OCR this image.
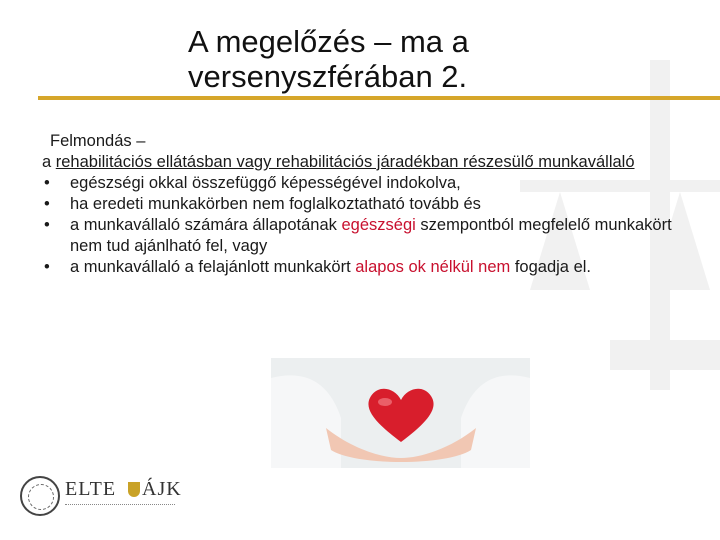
A megelőzés – ma a
versenyszférában 2.

Felmondás –

a rehabilitációs ellátásban vagy rehabilitációs járadékban részesülő munkavállaló

• egészségi okkal összefüggő képességével indokolva,
• ha eredeti munkakörben nem foglalkoztatható tovább és
• a munkavállaló számára állapotának egészségi szempontból megfelelő munkakört nem tud ajánlható fel, vagy
• a munkavállaló a felajánlott munkakört alapos ok nélkül nem fogadja el.
ELTE ÁJK
